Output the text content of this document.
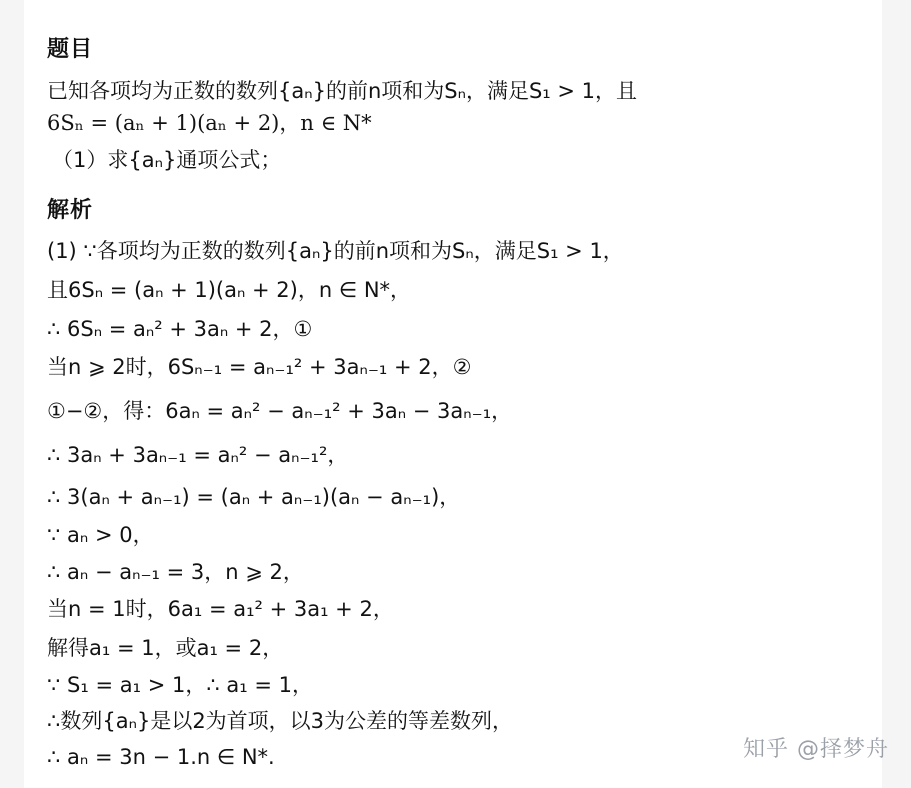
题目
已知各项均为正数的数列{aₙ}的前n项和为Sₙ，满足S₁ > 1，且
6Sₙ = (aₙ + 1)(aₙ + 2)，n ∈ N*
（1）求{aₙ}通项公式；
解析
(1) ∵各项均为正数的数列{aₙ}的前n项和为Sₙ，满足S₁ > 1，
且6Sₙ = (aₙ + 1)(aₙ + 2)，n ∈ N*，
∴ 6Sₙ = aₙ² + 3aₙ + 2，①
当n ⩾ 2时，6Sₙ₋₁ = aₙ₋₁² + 3aₙ₋₁ + 2，②
①−②，得：6aₙ = aₙ² − aₙ₋₁² + 3aₙ − 3aₙ₋₁，
∴ 3aₙ + 3aₙ₋₁ = aₙ² − aₙ₋₁²，
∴ 3(aₙ + aₙ₋₁) = (aₙ + aₙ₋₁)(aₙ − aₙ₋₁)，
∵ aₙ > 0，
∴ aₙ − aₙ₋₁ = 3，n ⩾ 2，
当n = 1时，6a₁ = a₁² + 3a₁ + 2，
解得a₁ = 1，或a₁ = 2，
∵ S₁ = a₁ > 1，∴ a₁ = 1，
∴数列{aₙ}是以2为首项，以3为公差的等差数列，
∴ aₙ = 3n − 1.n ∈ N*.	知乎 @择梦舟
